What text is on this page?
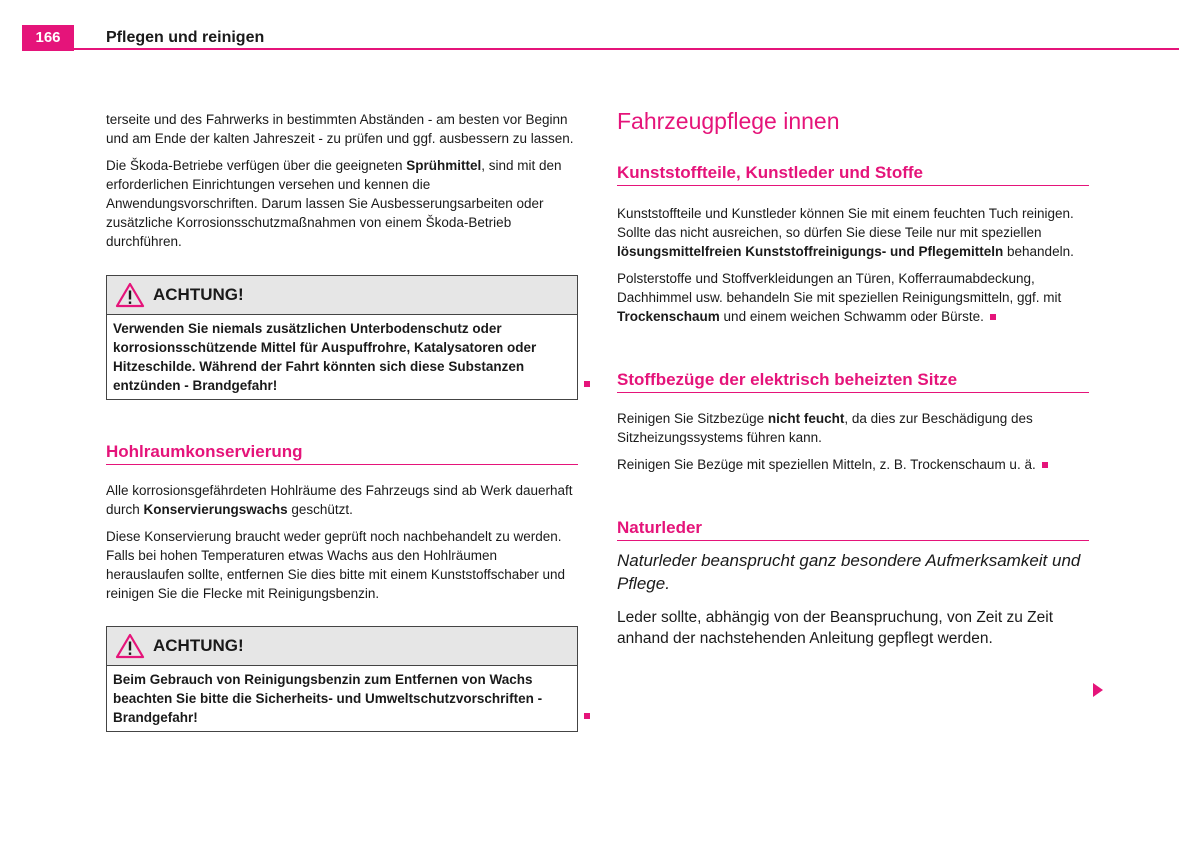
166	Pflegen und reinigen

terseite und des Fahrwerks in bestimmten Abständen - am besten vor Beginn und am Ende der kalten Jahreszeit - zu prüfen und ggf. ausbessern zu lassen.

Die Škoda-Betriebe verfügen über die geeigneten Sprühmittel, sind mit den erforderlichen Einrichtungen versehen und kennen die Anwendungsvorschriften. Darum lassen Sie Ausbesserungsarbeiten oder zusätzliche Korrosionsschutzmaßnahmen von einem Škoda-Betrieb durchführen.

ACHTUNG!
Verwenden Sie niemals zusätzlichen Unterbodenschutz oder korrosionsschützende Mittel für Auspuffrohre, Katalysatoren oder Hitzeschilde. Während der Fahrt könnten sich diese Substanzen entzünden - Brandgefahr!
Hohlraumkonservierung

Alle korrosionsgefährdeten Hohlräume des Fahrzeugs sind ab Werk dauerhaft durch Konservierungswachs geschützt.

Diese Konservierung braucht weder geprüft noch nachbehandelt zu werden. Falls bei hohen Temperaturen etwas Wachs aus den Hohlräumen herauslaufen sollte, entfernen Sie dies bitte mit einem Kunststoffschaber und reinigen Sie die Flecke mit Reinigungsbenzin.

ACHTUNG!
Beim Gebrauch von Reinigungsbenzin zum Entfernen von Wachs beachten Sie bitte die Sicherheits- und Umweltschutzvorschriften - Brandgefahr!
Fahrzeugpflege innen
Kunststoffteile, Kunstleder und Stoffe

Kunststoffteile und Kunstleder können Sie mit einem feuchten Tuch reinigen. Sollte das nicht ausreichen, so dürfen Sie diese Teile nur mit speziellen lösungsmittelfreien Kunststoffreinigungs- und Pflegemitteln behandeln.

Polsterstoffe und Stoffverkleidungen an Türen, Kofferraumabdeckung, Dachhimmel usw. behandeln Sie mit speziellen Reinigungsmitteln, ggf. mit Trockenschaum und einem weichen Schwamm oder Bürste.

Stoffbezüge der elektrisch beheizten Sitze

Reinigen Sie Sitzbezüge nicht feucht, da dies zur Beschädigung des Sitzheizungssystems führen kann.

Reinigen Sie Bezüge mit speziellen Mitteln, z. B. Trockenschaum u. ä.

Naturleder

Naturleder beansprucht ganz besondere Aufmerksamkeit und Pflege.

Leder sollte, abhängig von der Beanspruchung, von Zeit zu Zeit anhand der nachstehenden Anleitung gepflegt werden.
